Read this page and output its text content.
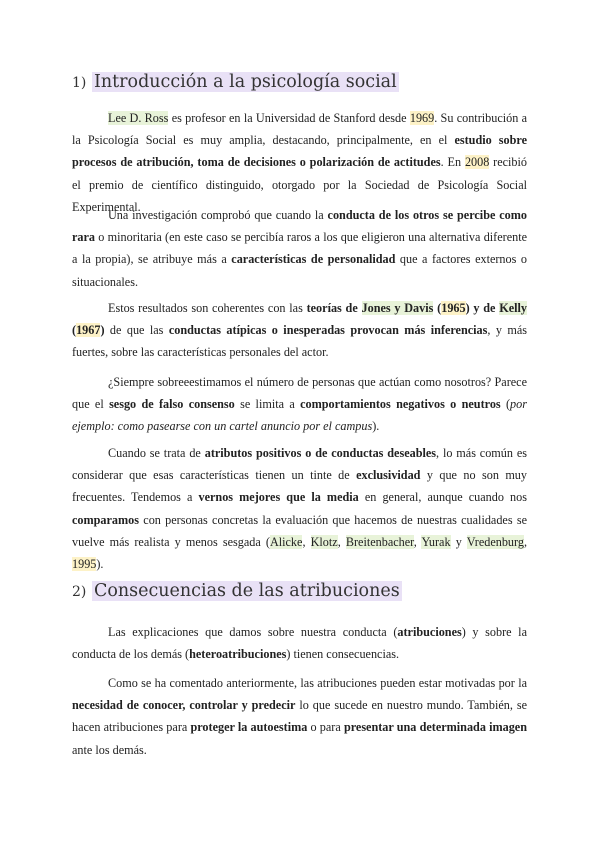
1) Introducción a la psicología social

Lee D. Ross es profesor en la Universidad de Stanford desde 1969. Su contribución a la Psicología Social es muy amplia, destacando, principalmente, en el estudio sobre procesos de atribución, toma de decisiones o polarización de actitudes. En 2008 recibió el premio de científico distinguido, otorgado por la Sociedad de Psicología Social Experimental.

Una investigación comprobó que cuando la conducta de los otros se percibe como rara o minoritaria (en este caso se percibía raros a los que eligieron una alternativa diferente a la propia), se atribuye más a características de personalidad que a factores externos o situacionales.

Estos resultados son coherentes con las teorías de Jones y Davis (1965) y de Kelly (1967) de que las conductas atípicas o inesperadas provocan más inferencias, y más fuertes, sobre las características personales del actor.

¿Siempre sobreeestimamos el número de personas que actúan como nosotros? Parece que el sesgo de falso consenso se limita a comportamientos negativos o neutros (por ejemplo: como pasearse con un cartel anuncio por el campus).

Cuando se trata de atributos positivos o de conductas deseables, lo más común es considerar que esas características tienen un tinte de exclusividad y que no son muy frecuentes. Tendemos a vernos mejores que la media en general, aunque cuando nos comparamos con personas concretas la evaluación que hacemos de nuestras cualidades se vuelve más realista y menos sesgada (Alicke, Klotz, Breitenbacher, Yurak y Vredenburg, 1995).

2) Consecuencias de las atribuciones

Las explicaciones que damos sobre nuestra conducta (atribuciones) y sobre la conducta de los demás (heteroatribuciones) tienen consecuencias.

Como se ha comentado anteriormente, las atribuciones pueden estar motivadas por la necesidad de conocer, controlar y predecir lo que sucede en nuestro mundo. También, se hacen atribuciones para proteger la autoestima o para presentar una determinada imagen ante los demás.
